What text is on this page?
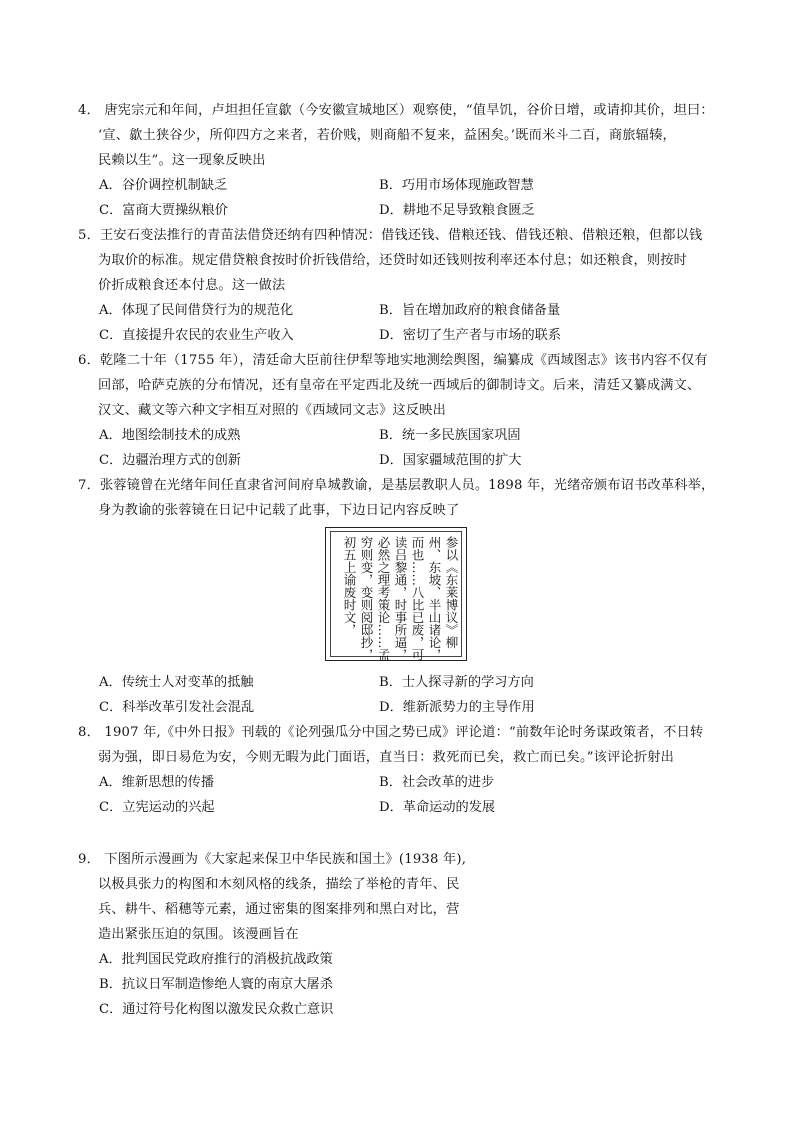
4． 唐宪宗元和年间，卢坦担任宣歙（今安徽宣城地区）观察使，“值旱饥，谷价日增，或请抑其价，坦曰：
‘宣、歙土狭谷少，所仰四方之来者，若价贱，则商船不复来，益困矣。’既而米斗二百，商旅辐辏，
民赖以生”。这一现象反映出
A．谷价调控机制缺乏	B．巧用市场体现施政智慧
C．富商大贾操纵粮价	D．耕地不足导致粮食匮乏
5．王安石变法推行的青苗法借贷还纳有四种情况：借钱还钱、借粮还钱、借钱还粮、借粮还粮，但都以钱
为取价的标准。规定借贷粮食按时价折钱借给，还贷时如还钱则按利率还本付息；如还粮食，则按时
价折成粮食还本付息。这一做法
A．体现了民间借贷行为的规范化	B．旨在增加政府的粮食储备量
C．直接提升农民的农业生产收入	D．密切了生产者与市场的联系
6．乾隆二十年（1755 年），清廷命大臣前往伊犁等地实地测绘舆图，编纂成《西域图志》该书内容不仅有
回部，哈萨克族的分布情况，还有皇帝在平定西北及统一西域后的御制诗文。后来，清廷又纂成满文、
汉文、藏文等六种文字相互对照的《西域同文志》这反映出
A．地图绘制技术的成熟	B．统一多民族国家巩固
C．边疆治理方式的创新	D．国家疆域范围的扩大
7．张蓉镜曾在光绪年间任直隶省河间府阜城教谕，是基层教职人员。1898 年，光绪帝颁布诏书改革科举，
身为教谕的张蓉镜在日记中记载了此事，下边日记内容反映了
参以《东莱博议》柳
州、东坡、半山诸论，
而也……八比已废，可
读吕黎通，时事所逼，
必然之理考策论……孟
穷则变，变则阅邸抄，
初五上谕废时文，
A．传统士人对变革的抵触	B．士人探寻新的学习方向
C．科举改革引发社会混乱	D．维新派势力的主导作用
8． 1907 年,《中外日报》刊载的《论列强瓜分中国之势已成》评论道：“前数年论时务谋政策者，不日转
弱为强，即日易危为安，今则无暇为此门面语，直当日：救死而已矣，救亡而已矣。”该评论折射出
A．维新思想的传播	B．社会改革的进步
C．立宪运动的兴起	D．革命运动的发展
9． 下图所示漫画为《大家起来保卫中华民族和国土》(1938 年),
以极具张力的构图和木刻风格的线条，描绘了举枪的青年、民
兵、耕牛、稻穗等元素，通过密集的图案排列和黑白对比，营
造出紧张压迫的氛围。该漫画旨在
A．批判国民党政府推行的消极抗战政策
B．抗议日军制造惨绝人寰的南京大屠杀
C．通过符号化构图以激发民众救亡意识
